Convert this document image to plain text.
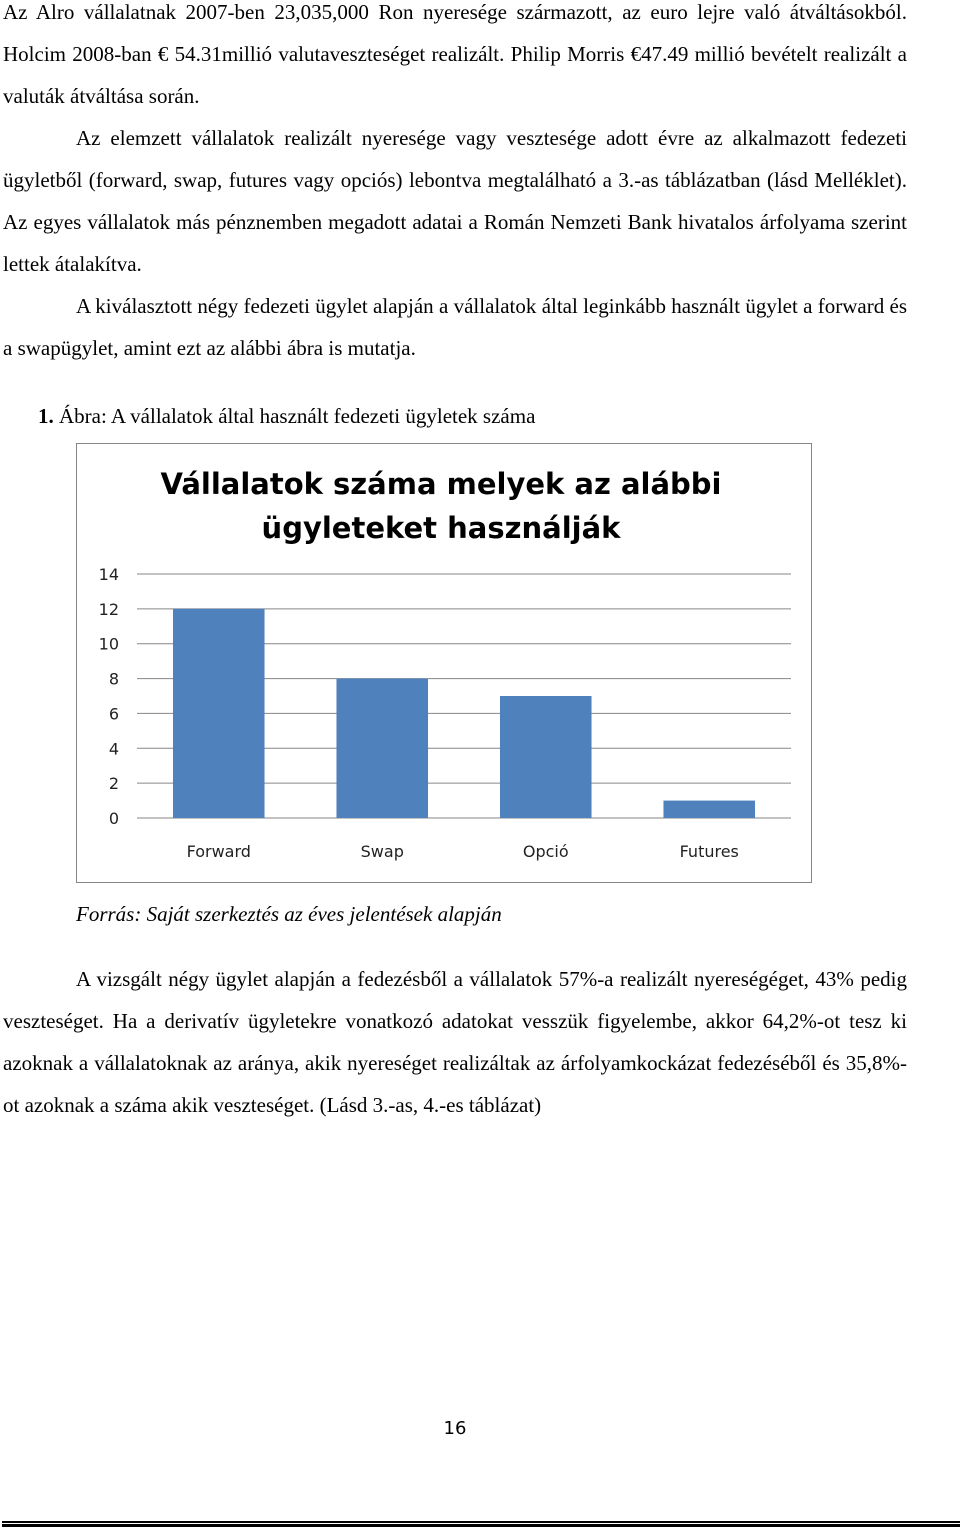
Az Alro vállalatnak 2007-ben 23,035,000 Ron nyeresége származott, az euro lejre való átváltásokból. Holcim 2008-ban € 54.31millió valutaveszteséget realizált. Philip Morris €47.49 millió bevételt realizált a valuták átváltása során.

Az elemzett vállalatok realizált nyeresége vagy vesztesége adott évre az alkalmazott fedezeti ügyletből (forward, swap, futures vagy opciós) lebontva megtalálható a 3.-as táblázatban (lásd Melléklet). Az egyes vállalatok más pénznemben megadott adatai a Román Nemzeti Bank hivatalos árfolyama szerint lettek átalakítva.

A kiválasztott négy fedezeti ügylet alapján a vállalatok által leginkább használt ügylet a forward és a swapügylet, amint ezt az alábbi ábra is mutatja.

1. Ábra: A vállalatok által használt fedezeti ügyletek száma

Vállalatok száma melyek az alábbi
ügyleteket használják
0
2
4
6
8
10
12
14
Forward	Swap	Opció	Futures

Forrás: Saját szerkeztés az éves jelentések alapján

A vizsgált négy ügylet alapján a fedezésből a vállalatok 57%-a realizált nyereségéget, 43% pedig veszteséget. Ha a derivatív ügyletekre vonatkozó adatokat vesszük figyelembe, akkor 64,2%-ot tesz ki azoknak a vállalatoknak az aránya, akik nyereséget realizáltak az árfolyamkockázat fedezéséből és 35,8%-ot azoknak a száma akik veszteséget. (Lásd 3.-as, 4.-es táblázat)

16
